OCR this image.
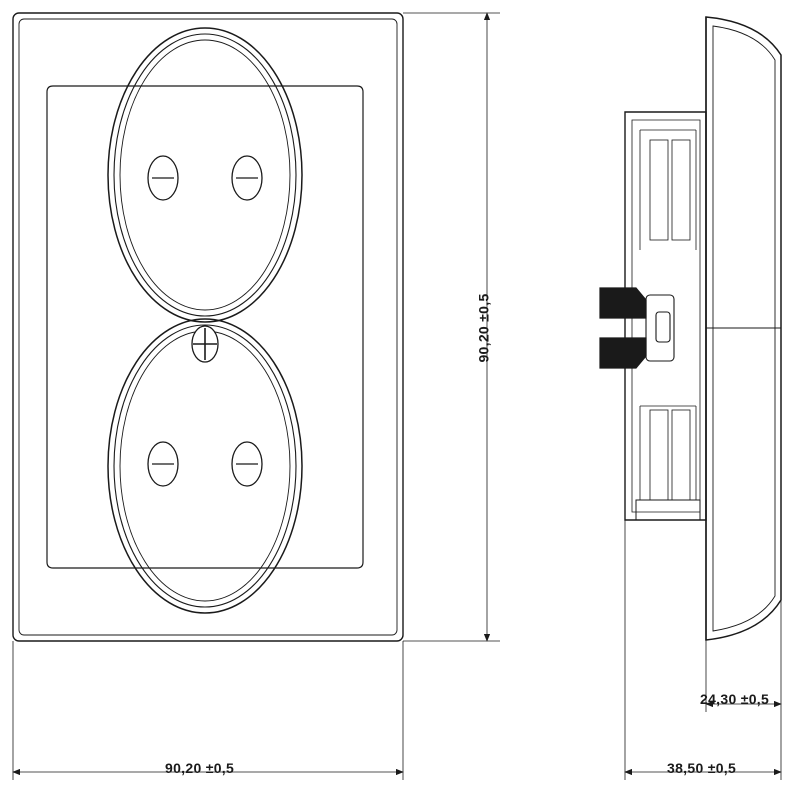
90,20 ±0,5
90,20 ±0,5
24,30 ±0,5
38,50 ±0,5
